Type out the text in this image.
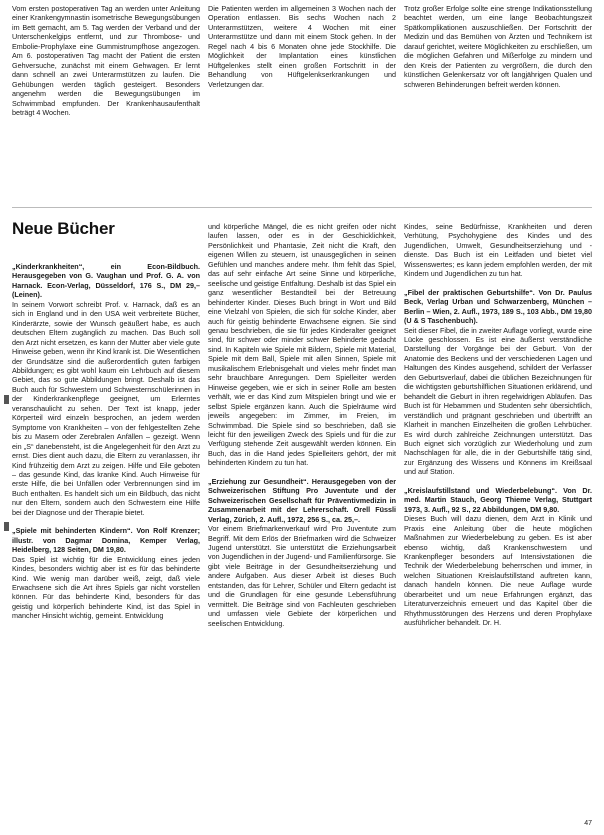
Vom ersten postoperativen Tag an werden unter Anleitung einer Krankengymnastin isometrische Bewegungsübungen im Bett gemacht, am 5. Tag werden der Verband und der Unterschenkelgips entfernt, und zur Thrombose- und Embolie-Prophylaxe eine Gummistrumpfhose angezogen. Am 6. postoperativen Tag macht der Patient die ersten Gehversuche, zunächst mit einem Gehwagen. Er lernt dann schnell an zwei Unterarmstützen zu laufen. Die Gehübungen werden täglich gesteigert. Besonders angenehm werden die Bewegungsübungen im Schwimmbad empfunden. Der Krankenhausaufenthalt beträgt 4 Wochen.

Die Patienten werden im allgemeinen 3 Wochen nach der Operation entlassen. Bis sechs Wochen nach 2 Unterarmstützen, weitere 4 Wochen mit einer Unterarmstütze und dann mit einem Stock gehen. In der Regel nach 4 bis 6 Monaten ohne jede Stockhilfe. Die Möglichkeit der Implantation eines künstlichen Hüftgelenkes stellt einen großen Fortschritt in der Behandlung von Hüftgelenkserkrankungen und Verletzungen dar.

Trotz großer Erfolge sollte eine strenge Indikationsstellung beachtet werden, um eine lange Beobachtungszeit Spätkomplikationen auszuschließen. Der Fortschritt der Medizin und das Bemühen von Ärzten und Technikern ist darauf gerichtet, weitere Möglichkeiten zu erschließen, um die möglichen Gefahren und Mißerfolge zu mindern und den Kreis der Patienten zu vergrößern, die durch den künstlichen Gelenkersatz vor oft langjährigen Qualen und schweren Behinderungen befreit werden können.

Neue Bücher
„Kinderkrankheiten“, ein Econ-Bildbuch. Herausgegeben von G. Vaughan und Prof. G. A. von Harnack. Econ-Verlag, Düsseldorf, 176 S., DM 29,– (Leinen).

In seinem Vorwort schreibt Prof. v. Harnack, daß es an sich in England und in den USA weit verbreitete Bücher, Kinderärzte, sowie der Wunsch geäußert habe, es auch deutschen Eltern zugänglich zu machen. Das Buch soll den Arzt nicht ersetzen, es kann der Mutter aber viele gute Hinweise geben, wenn ihr Kind krank ist. Die Wesentlichen der Grundsätze sind die außerordentlich guten farbigen Abbildungen; es gibt wohl kaum ein Lehrbuch auf diesem Gebiet, das so gute Abbildungen bringt. Deshalb ist das Buch auch für Schwestern und Schwesternschülerinnen in der Kinderkrankenpflege geeignet, um Erlerntes veranschaulicht zu sehen. Der Text ist knapp, jeder Körperteil wird einzeln besprochen, an jedem werden Symptome von Krankheiten – von der fehlgestellten Zehe bis zu Masern oder Zerebralen Anfällen – gezeigt. Wenn ein „S“ danebensteht, ist die Angelegenheit für den Arzt zu ernst. Dies dient auch dazu, die Eltern zu veranlassen, ihr Kind frühzeitig dem Arzt zu zeigen. Hilfe und Eile geboten – das gesunde Kind, das kranke Kind. Auch Hinweise für erste Hilfe, die bei Unfällen oder Verbrennungen sind im Buch enthalten. Es handelt sich um ein Bildbuch, das nicht nur den Eltern, sondern auch den Schwestern eine Hilfe bei der Diagnose und der Therapie bietet.

„Spiele mit behinderten Kindern“. Von Rolf Krenzer; illustr. von Dagmar Domina, Kemper Verlag, Heidelberg, 128 Seiten, DM 19,80.

Das Spiel ist wichtig für die Entwicklung eines jeden Kindes, besonders wichtig aber ist es für das behinderte Kind. Wie wenig man darüber weiß, zeigt, daß viele Erwachsene sich die Art ihres Spiels gar nicht vorstellen können. Für das behinderte Kind, besonders für das geistig und körperlich behinderte Kind, ist das Spiel in mancher Hinsicht wichtig, gemeint. Entwicklung

und körperliche Mängel, die es nicht greifen oder nicht laufen lassen, oder es in der Geschicklichkeit, Persönlichkeit und Phantasie, Zeit nicht die Kraft, den eigenen Willen zu steuern, ist unausgeglichen in seinen Gefühlen und manches andere mehr. Ihm fehlt das Spiel, das auf sehr einfache Art seine Sinne und körperliche, seelische und geistige Entfaltung. Deshalb ist das Spiel ein ganz wesentlicher Bestandteil bei der Betreuung behinderter Kinder. Dieses Buch bringt in Wort und Bild eine Vielzahl von Spielen, die sich für solche Kinder, aber auch für geistig behinderte Erwachsene eignen. Sie sind genau beschrieben, die sie für jedes Kinderalter geeignet sind, für schwer oder minder schwer Behinderte gedacht sind. In Kapiteln wie Spiele mit Bildern, Spiele mit Material, Spiele mit dem Ball, Spiele mit allen Sinnen, Spiele mit musikalischem Erlebnisgehalt und vieles mehr findet man sehr brauchbare Anregungen. Dem Spielleiter werden Hinweise gegeben, wie er sich in seiner Rolle am besten verhält, wie er das Kind zum Mitspielen bringt und wie er selbst Spiele ergänzen kann. Auch die Spielräume wird jeweils angegeben: im Zimmer, im Freien, im Schwimmbad. Die Spiele sind so beschrieben, daß sie leicht für den jeweiligen Zweck des Spiels und für die zur Verfügung stehende Zeit ausgewählt werden können. Ein Buch, das in die Hand jedes Spielleiters gehört, der mit behinderten Kindern zu tun hat.

„Erziehung zur Gesundheit“. Herausgegeben von der Schweizerischen Stiftung Pro Juventute und der Schweizerischen Gesellschaft für Präventivmedizin in Zusammenarbeit mit der Lehrerschaft. Orell Füssli Verlag, Zürich, 2. Aufl., 1972, 256 S., ca. 25,–.

Vor einem Briefmarkenverkauf wird Pro Juventute zum Begriff. Mit dem Erlös der Briefmarken wird die Schweizer Jugend unterstützt. Sie unterstützt die Erziehungsarbeit von Jugendlichen in der Jugend- und Familienfürsorge. Sie gibt viele Beiträge in der Gesundheitserziehung und andere Aufgaben. Aus dieser Arbeit ist dieses Buch entstanden, das für Lehrer, Schüler und Eltern gedacht ist und die Grundlagen für eine gesunde Lebensführung vermittelt. Die Beiträge sind von Fachleuten geschrieben und umfassen viele Gebiete der körperlichen und seelischen Entwicklung.

Kindes, seine Bedürfnisse, Krankheiten und deren Verhütung, Psychohygiene des Kindes und des Jugendlichen, Umwelt, Gesundheitserziehung und -dienste. Das Buch ist ein Leitfaden und bietet viel Wissenswertes; es kann jedem empfohlen werden, der mit Kindern und Jugendlichen zu tun hat.

„Fibel der praktischen Geburtshilfe“. Von Dr. Paulus Beck, Verlag Urban und Schwarzenberg, München – Berlin – Wien, 2. Aufl., 1973, 189 S., 103 Abb., DM 19,80 (U & S Taschenbuch).

Seit dieser Fibel, die in zweiter Auflage vorliegt, wurde eine Lücke geschlossen. Es ist eine äußerst verständliche Darstellung der Vorgänge bei der Geburt. Von der Anatomie des Beckens und der verschiedenen Lagen und Haltungen des Kindes ausgehend, schildert der Verfasser den Geburtsverlauf, dabei die üblichen Bezeichnungen für die wichtigsten geburtshilflichen Situationen erklärend, und behandelt die Geburt in ihren regelwidrigen Abläufen. Das Buch ist für Hebammen und Studenten sehr übersichtlich, verständlich und prägnant geschrieben und übertrifft an Klarheit in manchen Einzelheiten die großen Lehrbücher. Es wird durch zahlreiche Zeichnungen unterstützt. Das Buch eignet sich vorzüglich zur Wiederholung und zum Nachschlagen für alle, die in der Geburtshilfe tätig sind, zur Ergänzung des Wissens und Könnens im Kreißsaal und auf Station.

„Kreislaufstillstand und Wiederbelebung“. Von Dr. med. Martin Stauch, Georg Thieme Verlag, Stuttgart 1973, 3. Aufl., 92 S., 22 Abbildungen, DM 9,80.

Dieses Buch will dazu dienen, dem Arzt in Klinik und Praxis eine Anleitung über die heute möglichen Maßnahmen zur Wiederbelebung zu geben. Es ist aber ebenso wichtig, daß Krankenschwestern und Krankenpfleger besonders auf Intensivstationen die Technik der Wiederbelebung beherrschen und immer, in welchen Situationen Kreislaufstillstand auftreten kann, danach handeln können. Die neue Auflage wurde überarbeitet und um neue Erfahrungen ergänzt, das Literaturverzeichnis erneuert und das Kapitel über die Rhythmusstörungen des Herzens und deren Prophylaxe ausführlicher behandelt. Dr. H.

47
